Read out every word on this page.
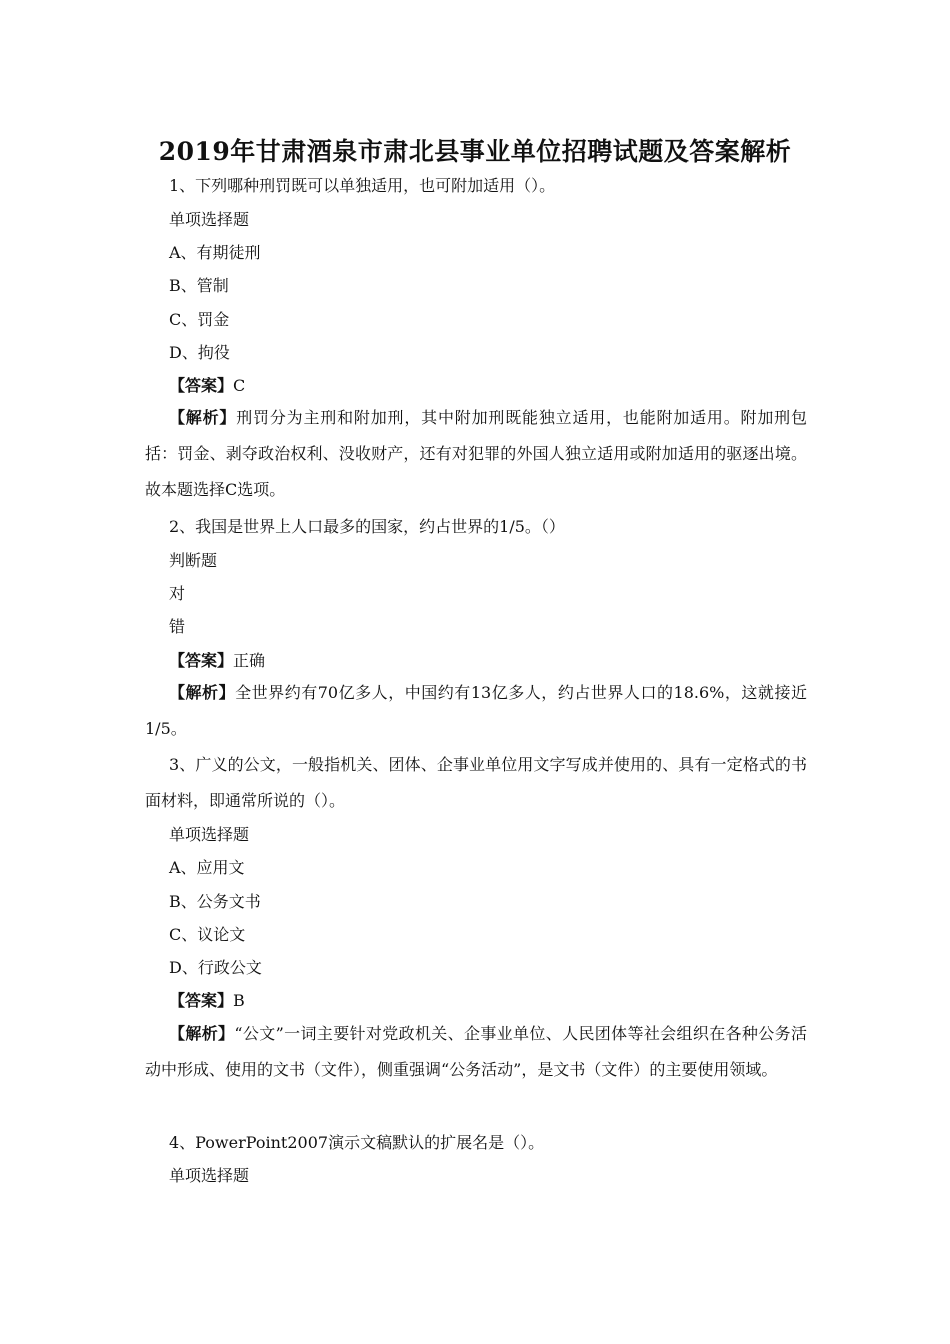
2019年甘肃酒泉市肃北县事业单位招聘试题及答案解析
1、下列哪种刑罚既可以单独适用，也可附加适用（）。
单项选择题
A、有期徒刑
B、管制
C、罚金
D、拘役
【答案】C
【解析】刑罚分为主刑和附加刑，其中附加刑既能独立适用，也能附加适用。附加刑包括：罚金、剥夺政治权利、没收财产，还有对犯罪的外国人独立适用或附加适用的驱逐出境。故本题选择C选项。
2、我国是世界上人口最多的国家，约占世界的1/5。（）
判断题
对
错
【答案】正确
【解析】全世界约有70亿多人，中国约有13亿多人，约占世界人口的18.6%，这就接近1/5。
3、广义的公文，一般指机关、团体、企事业单位用文字写成并使用的、具有一定格式的书面材料，即通常所说的（）。
单项选择题
A、应用文
B、公务文书
C、议论文
D、行政公文
【答案】B
【解析】“公文”一词主要针对党政机关、企事业单位、人民团体等社会组织在各种公务活动中形成、使用的文书（文件），侧重强调“公务活动”，是文书（文件）的主要使用领域。
4、PowerPoint2007演示文稿默认的扩展名是（）。
单项选择题
